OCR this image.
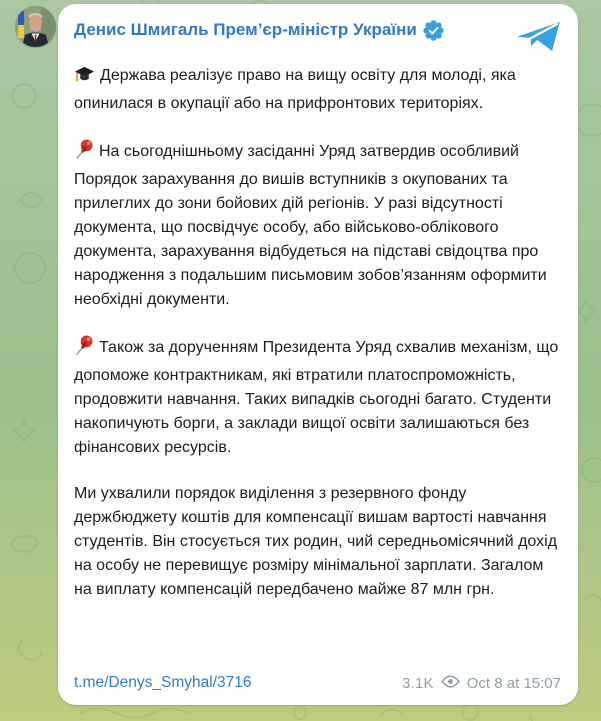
Денис Шмигаль Прем’єр-міністр України

Держава реалізує право на вищу освіту для молоді, яка опинилася в окупації або на прифронтових територіях.

На сьогоднішньому засіданні Уряд затвердив особливий Порядок зарахування до вишів вступників з окупованих та прилеглих до зони бойових дій регіонів. У разі відсутності документа, що посвідчує особу, або військово-облікового документа, зарахування відбудеться на підставі свідоцтва про народження з подальшим письмовим зобов’язанням оформити необхідні документи.

Також за дорученням Президента Уряд схвалив механізм, що допоможе контрактникам, які втратили платоспроможність, продовжити навчання. Таких випадків сьогодні багато. Студенти накопичують борги, а заклади вищої освіти залишаються без фінансових ресурсів.

Ми ухвалили порядок виділення з резервного фонду держбюджету коштів для компенсації вишам вартості навчання студентів. Він стосується тих родин, чий середньомісячний дохід на особу не перевищує розміру мінімальної зарплати. Загалом на виплату компенсацій передбачено майже 87 млн грн.

t.me/Denys_Smyhal/3716	3.1K Oct 8 at 15:07
